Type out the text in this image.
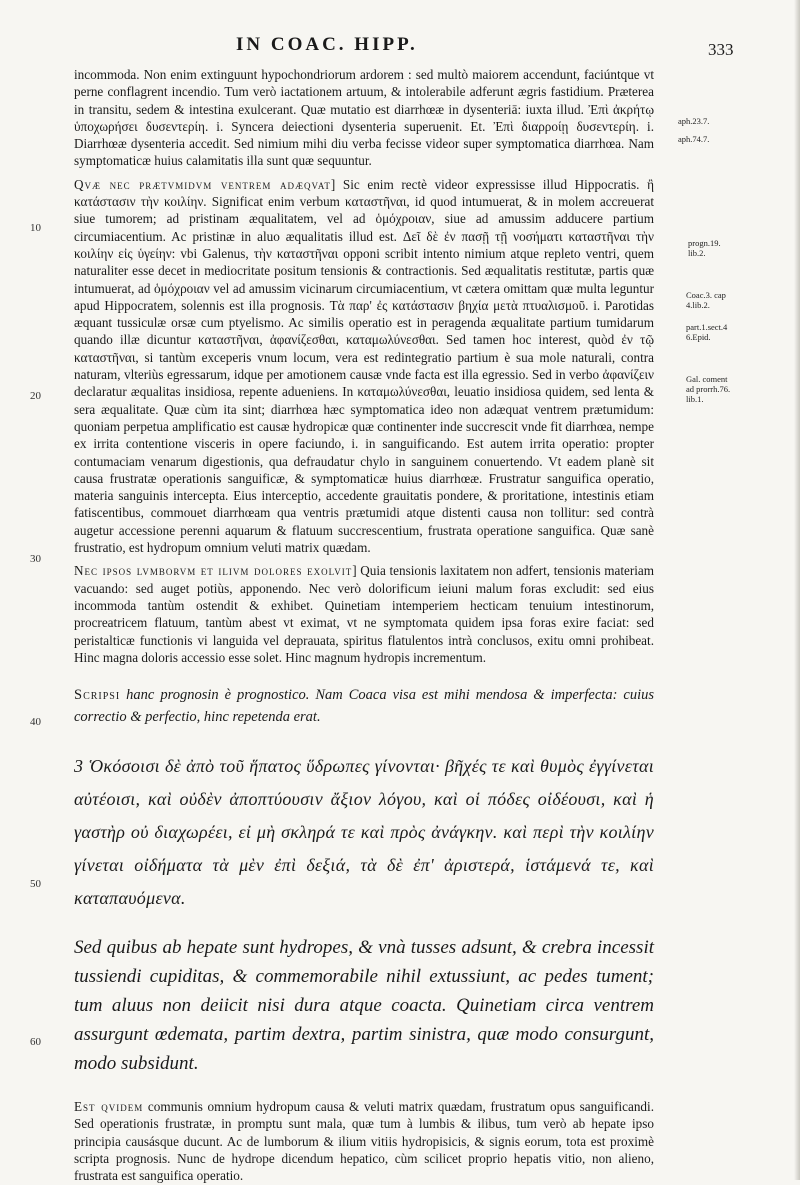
IN COAC. HIPP.	333

incommoda. Non enim extinguunt hypochondriorum ardorem : sed multò maiorem accendunt, faciúntque vt perne conflagrent incendio. Tum verò iactationem artuum, & intolerabile adferunt ægris fastidium. Præterea in transitu, sedem & intestina exulcerant. Quæ mutatio est diarrhœæ in dysenteriā: iuxta illud. Ἐπὶ ἀκρήτῳ ὑποχωρήσει δυσεντερίη. i. Syncera deiectioni dysenteria superuenit. Et. Ἐπὶ διαρροίῃ δυσεντερίη. i. Diarrhœæ dysenteria accedit. Sed nimium mihi diu verba fecisse videor super symptomatica diarrhœa. Nam symptomaticæ huius calamitatis illa sunt quæ sequuntur.

Qvæ nec prætvmidvm ventrem adæqvat] Sic enim rectè videor expressisse illud Hippocratis. ἢ κατάστασιν τὴν κοιλίην. Significat enim verbum καταστῆναι, id quod intumuerat, & in molem accreuerat siue tumorem; ad pristinam æqualitatem, vel ad ὁμόχροιαν, siue ad amussim adducere partium circumiacentium. Ac pristinæ in aluo æqualitatis illud est. Δεῖ δὲ ἐν πασῇ τῇ νοσήματι καταστῆναι τὴν κοιλίην εἰς ὑγείην: vbi Galenus, τὴν καταστῆναι opponi scribit intento nimium atque repleto ventri, quem naturaliter esse decet in mediocritate positum tensionis & contractionis. Sed æqualitatis restitutæ, partis quæ intumuerat, ad ὁμόχροιαν vel ad amussim vicinarum circumiacentium, vt cætera omittam quæ multa leguntur apud Hippocratem, solennis est illa prognosis. Τὰ παρ' ἐς κατάστασιν βηχία μετὰ πτυαλισμοῦ. i. Parotidas æquant tussiculæ orsæ cum ptyelismo. Ac similis operatio est in peragenda æqualitate partium tumidarum quando illæ dicuntur καταστῆναι, ἀφανίζεσθαι, καταμωλύνεσθαι. Sed tamen hoc interest, quòd ἐν τῷ καταστῆναι, si tantùm exceperis vnum locum, vera est redintegratio partium è sua mole naturali, contra naturam, vlteriùs egressarum, idque per amotionem causæ vnde facta est illa egressio. Sed in verbo ἀφανίζειν declaratur æqualitas insidiosa, repente adueniens. In καταμωλύνεσθαι, leuatio insidiosa quidem, sed lenta & sera æqualitate. Quæ cùm ita sint; diarrhœa hæc symptomatica ideo non adæquat ventrem prætumidum: quoniam perpetua amplificatio est causæ hydropicæ quæ continenter inde succrescit vnde fit diarrhœa, nempe ex irrita contentione visceris in opere faciundo, i. in sanguificando. Est autem irrita operatio: propter contumaciam venarum digestionis, qua defraudatur chylo in sanguinem conuertendo. Vt eadem planè sit causa frustratæ operationis sanguificæ, & symptomaticæ huius diarrhœæ. Frustratur sanguifica operatio, materia sanguinis intercepta. Eius interceptio, accedente grauitatis pondere, & proritatione, intestinis etiam fatiscentibus, commouet diarrhœam qua ventris prætumidi atque distenti causa non tollitur: sed contrà augetur accessione perenni aquarum & flatuum succrescentium, frustrata operatione sanguifica. Quæ sanè frustratio, est hydropum omnium veluti matrix quædam.

Nec ipsos lvmborvm et ilivm dolores exolvit] Quia tensionis laxitatem non adfert, tensionis materiam vacuando: sed auget potiùs, apponendo. Nec verò dolorificum ieiuni malum foras excludit: sed eius incommoda tantùm ostendit & exhibet. Quinetiam intemperiem hecticam tenuium intestinorum, procreatricem flatuum, tantùm abest vt eximat, vt ne symptomata quidem ipsa foras exire faciat: sed peristalticæ functionis vi languida vel deprauata, spiritus flatulentos intrà conclusos, exitu omni prohibeat. Hinc magna doloris accessio esse solet. Hinc magnum hydropis incrementum.

Scripsi hanc prognosin è prognostico. Nam Coaca visa est mihi mendosa & imperfecta: cuius correctio & perfectio, hinc repetenda erat.

3 Ὁκόσοισι δὲ ἀπὸ τοῦ ἥπατος ὕδρωπες γίνονται· βῆχές τε καὶ θυμὸς ἐγγίνεται αὐτέοισι, καὶ οὐδὲν ἀποπτύουσιν ἄξιον λόγου, καὶ οἱ πόδες οἰδέουσι, καὶ ἡ γαστὴρ οὐ διαχωρέει, εἰ μὴ σκληρά τε καὶ πρὸς ἀνάγκην. καὶ περὶ τὴν κοιλίην γίνεται οἰδήματα τὰ μὲν ἐπὶ δεξιά, τὰ δὲ ἐπ' ἀριστερά, ἱστάμενά τε, καὶ καταπαυόμενα.

Sed quibus ab hepate sunt hydropes, & vnà tusses adsunt, & crebra incessit tussiendi cupiditas, & commemorabile nihil extussiunt, ac pedes tument; tum aluus non deiicit nisi dura atque coacta. Quinetiam circa ventrem assurgunt œdemata, partim dextra, partim sinistra, quæ modo consurgunt, modo subsidunt.

Est qvidem communis omnium hydropum causa & veluti matrix quædam, frustratum opus sanguificandi. Sed operationis frustratæ, in promptu sunt mala, quæ tum à lumbis & ilibus, tum verò ab hepate ipso principia causásque ducunt. Ac de lumborum & ilium vitiis hydropisicis, & signis eorum, tota est proximè scripta prognosis. Nunc de hydrope dicendum hepatico, cùm scilicet proprio hepatis vitio, non alieno, frustrata est sanguifica operatio.

10
20
30
40
50
60
aph.23.7.
aph.74.7.
progn.19.
lib.2.
Coac.3. cap
4.lib.2.
part.1.sect.4
6.Epid.
Gal. coment
ad prorrh.76.
lib.1.
